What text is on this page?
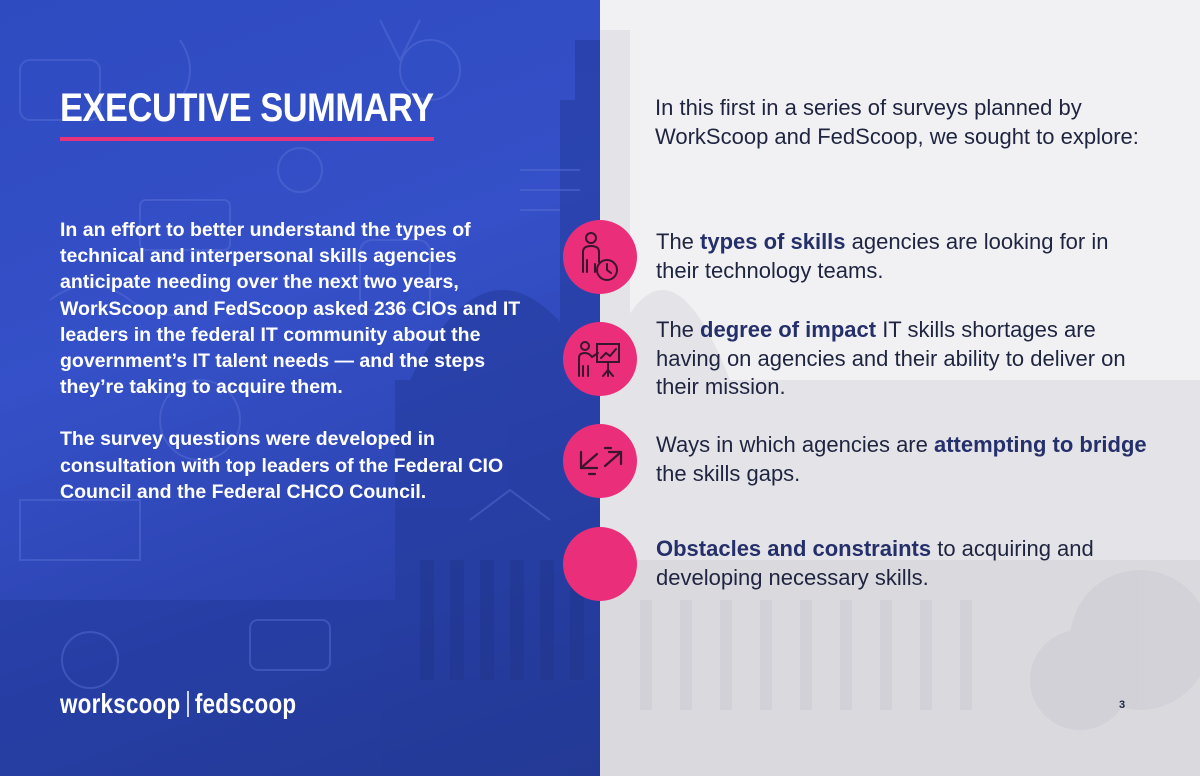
EXECUTIVE SUMMARY

In an effort to better understand the types of technical and interpersonal skills agencies anticipate needing over the next two years, WorkScoop and FedScoop asked 236 CIOs and IT leaders in the federal IT community about the government’s IT talent needs — and the steps they’re taking to acquire them.

The survey questions were developed in consultation with top leaders of the Federal CIO Council and the Federal CHCO Council.

workscoop fedscoop

In this first in a series of surveys planned by WorkScoop and FedScoop, we sought to explore:

The types of skills agencies are looking for in their technology teams.

The degree of impact IT skills shortages are having on agencies and their ability to deliver on their mission.

Ways in which agencies are attempting to bridge the skills gaps.

Obstacles and constraints to acquiring and developing necessary skills.

3
